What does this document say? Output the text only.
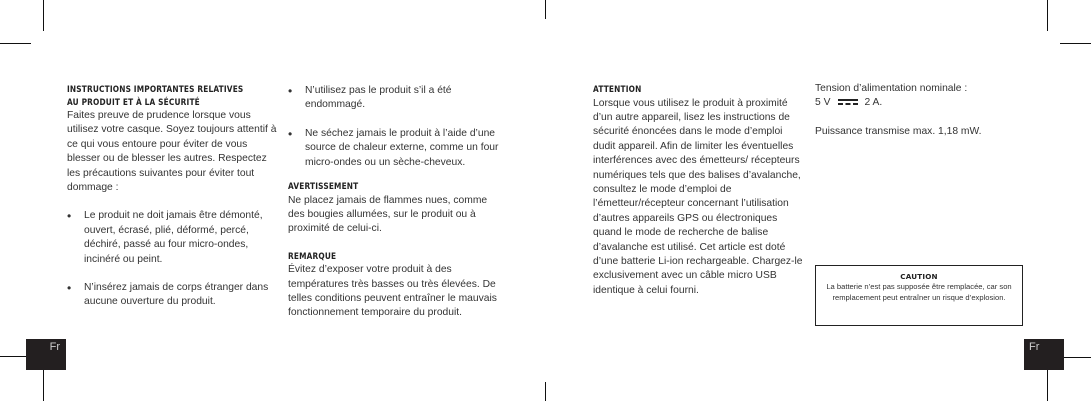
INSTRUCTIONS IMPORTANTES RELATIVES
AU PRODUIT ET À LA SÉCURITÉ

Faites preuve de prudence lorsque vous utilisez votre casque. Soyez toujours attentif à ce qui vous entoure pour éviter de vous blesser ou de blesser les autres. Respectez les précautions suivantes pour éviter tout dommage :

• Le produit ne doit jamais être démonté, ouvert, écrasé, plié, déformé, percé, déchiré, passé au four micro-ondes, incinéré ou peint.
• N’insérez jamais de corps étranger dans aucune ouverture du produit.
• N’utilisez pas le produit s’il a été endommagé.
• Ne séchez jamais le produit à l’aide d’une source de chaleur externe, comme un four micro-ondes ou un sèche-cheveux.
AVERTISSEMENT

Ne placez jamais de flammes nues, comme des bougies allumées, sur le produit ou à proximité de celui-ci.

REMARQUE

Évitez d’exposer votre produit à des températures très basses ou très élevées. De telles conditions peuvent entraîner le mauvais fonctionnement temporaire du produit.

ATTENTION

Lorsque vous utilisez le produit à proximité d’un autre appareil, lisez les instructions de sécurité énoncées dans le mode d’emploi dudit appareil. Afin de limiter les éventuelles interférences avec des émetteurs/ récepteurs numériques tels que des balises d’avalanche, consultez le mode d’emploi de l’émetteur/récepteur concernant l’utilisation d’autres appareils GPS ou électroniques quand le mode de recherche de balise d’avalanche est utilisé. Cet article est doté d’une batterie Li-ion rechargeable. Chargez-le exclusivement avec un câble micro USB identique à celui fourni.

Tension d’alimentation nominale :

5 V	2 A.

Puissance transmise max. 1,18 mW.

CAUTION
La batterie n’est pas supposée être remplacée, car son remplacement peut entraîner un risque d’explosion.
Fr	Fr
